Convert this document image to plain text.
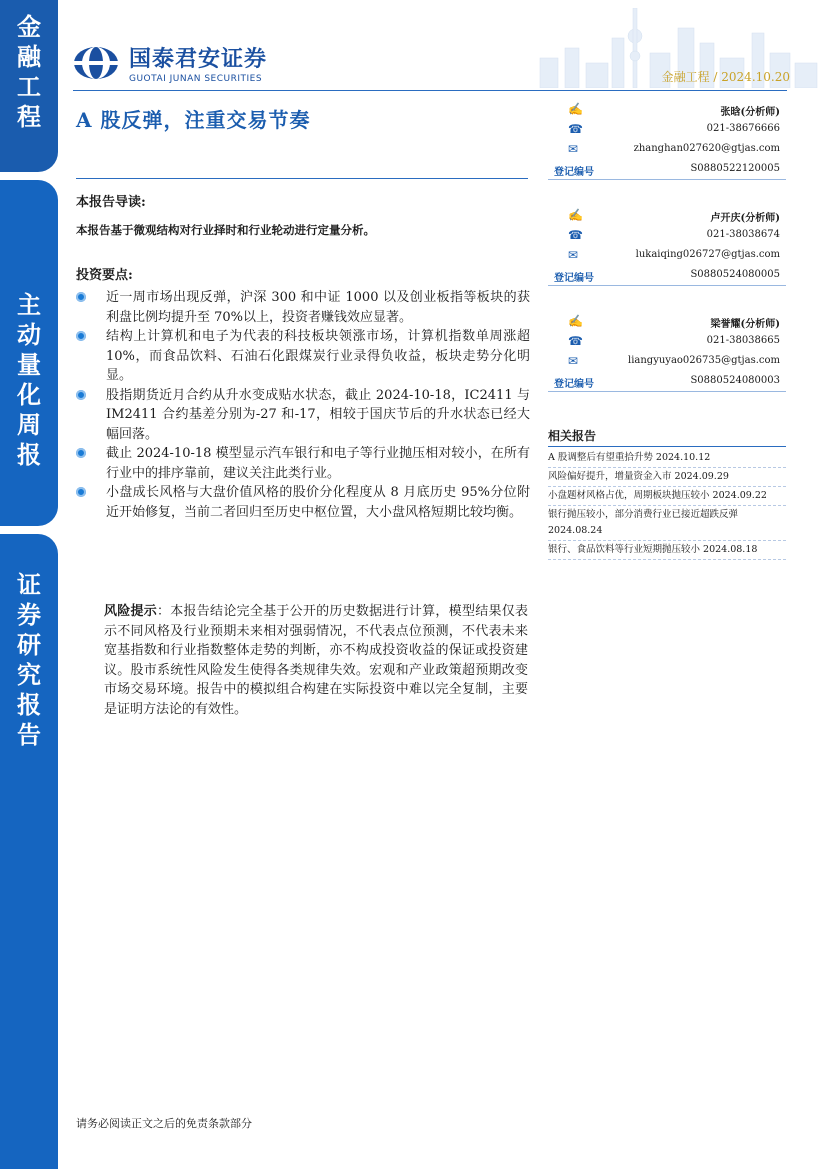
金
融
工
程
主
动
量
化
周
报
证
券
研
究
报
告
国泰君安证券
GUOTAI JUNAN SECURITIES	金融工程 / 2024.10.20
A 股反弹，注重交易节奏
本报告导读:
本报告基于微观结构对行业择时和行业轮动进行定量分析。
投资要点:
近一周市场出现反弹，沪深 300 和中证 1000 以及创业板指等板块的获利盘比例均提升至 70%以上，投资者赚钱效应显著。
结构上计算机和电子为代表的科技板块领涨市场，计算机指数单周涨超 10%，而食品饮料、石油石化跟煤炭行业录得负收益，板块走势分化明显。
股指期货近月合约从升水变成贴水状态，截止 2024-10-18，IC2411 与 IM2411 合约基差分别为-27 和-17，相较于国庆节后的升水状态已经大幅回落。
截止 2024-10-18 模型显示汽车银行和电子等行业抛压相对较小，在所有行业中的排序靠前，建议关注此类行业。
小盘成长风格与大盘价值风格的股价分化程度从 8 月底历史 95%分位附近开始修复，当前二者回归至历史中枢位置，大小盘风格短期比较均衡。
风险提示：本报告结论完全基于公开的历史数据进行计算，模型结果仅表示不同风格及行业预期未来相对强弱情况，不代表点位预测，不代表未来宽基指数和行业指数整体走势的判断，亦不构成投资收益的保证或投资建议。股市系统性风险发生使得各类规律失效。宏观和产业政策超预期改变市场交易环境。报告中的模拟组合构建在实际投资中难以完全复制，主要是证明方法论的有效性。
✍	张晗(分析师)
☎	021-38676666
✉	zhanghan027620@gtjas.com
登记编号	S0880522120005
✍	卢开庆(分析师)
☎	021-38038674
✉	lukaiqing026727@gtjas.com
登记编号	S0880524080005
✍	梁誉耀(分析师)
☎	021-38038665
✉	liangyuyao026735@gtjas.com
登记编号	S0880524080003
相关报告
A 股调整后有望重拾升势 2024.10.12
风险偏好提升，增量资金入市 2024.09.29
小盘题材风格占优，周期板块抛压较小 2024.09.22
银行抛压较小，部分消费行业已接近超跌反弹 2024.08.24
银行、食品饮料等行业短期抛压较小 2024.08.18
请务必阅读正文之后的免责条款部分
